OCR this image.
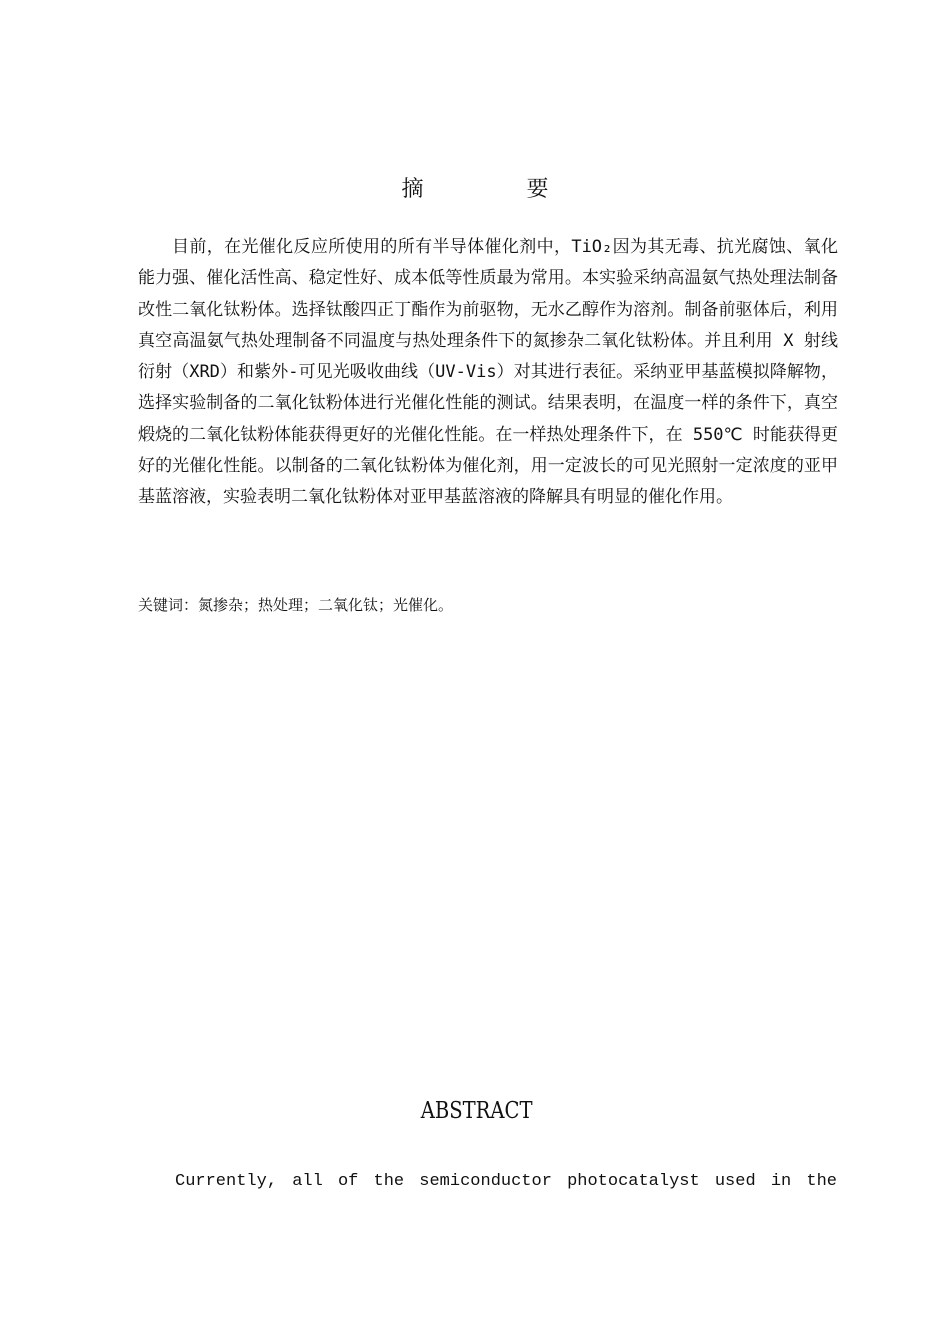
摘 要

目前，在光催化反应所使用的所有半导体催化剂中，TiO₂因为其无毒、抗光腐蚀、氧化能力强、催化活性高、稳定性好、成本低等性质最为常用。本实验采纳高温氨气热处理法制备改性二氧化钛粉体。选择钛酸四正丁酯作为前驱物，无水乙醇作为溶剂。制备前驱体后，利用真空高温氨气热处理制备不同温度与热处理条件下的氮掺杂二氧化钛粉体。并且利用 X 射线衍射（XRD）和紫外-可见光吸收曲线（UV-Vis）对其进行表征。采纳亚甲基蓝模拟降解物，选择实验制备的二氧化钛粉体进行光催化性能的测试。结果表明，在温度一样的条件下，真空煅烧的二氧化钛粉体能获得更好的光催化性能。在一样热处理条件下，在 550℃ 时能获得更好的光催化性能。以制备的二氧化钛粉体为催化剂，用一定波长的可见光照射一定浓度的亚甲基蓝溶液，实验表明二氧化钛粉体对亚甲基蓝溶液的降解具有明显的催化作用。

关键词：氮掺杂；热处理；二氧化钛；光催化。
ABSTRACT
Currently, all of the semiconductor photocatalyst used in the
